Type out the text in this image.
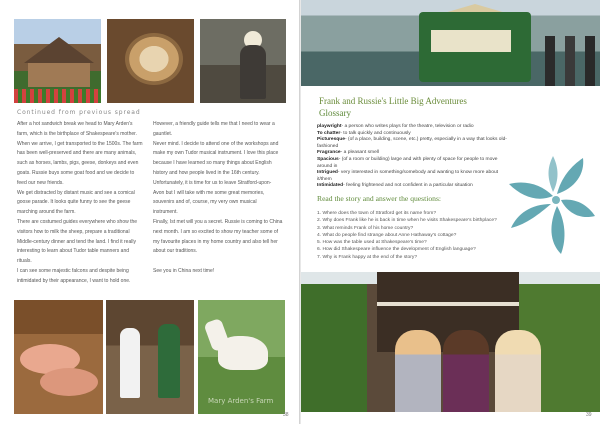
Continued from previous spread

After a hot sandwich break we head to Mary Arden's

farm, which is the birthplace of Shakespeare's mother.

When we arrive, I get transported to the 1500s. The farm

has been well-preserved and there are many animals,

such as horses, lambs, pigs, geese, donkeys and even

goats. Russie buys some goat food and we decide to

feed our new friends.

We get distracted by distant music and see a comical

goose parade. It looks quite funny to see the geese

marching around the farm.

There are costumed guides everywhere who show the

visitors how to milk the sheep, prepare a traditional

Middle-century dinner and tend the land. I find it really

interesting to learn about Tudor table manners and

rituals.

I can see some majestic falcons and despite being

intimidated by their appearance, I want to hold one.

However, a friendly guide tells me that I need to wear a

gauntlet.

Never mind. I decide to attend one of the workshops and

make my own Tudor musical instrument. I love this place

because I have learned so many things about English

history and how people lived in the 16th century.

Unfortunately, it is time for us to leave Stratford-upon-

Avon but I will take with me some great memories,

souvenirs and of, course, my very own musical

instrument.

Finally, Ist met will you a secret. Russie is coming to China

next month. I am so excited to show my teacher some of

my favourite places in my home country and also tell her

about our traditions.

See you in China next time!

Mary Arden's Farm
38
Frank and Russie's Little Big Adventures
Glossary
playwright- a person who writes plays for the theatre, television or radio
To chatter- to talk quickly and continuously
Picturesque- (of a place, building, scene, etc.) pretty, especially in a way that looks old-fashioned
Fragrance- a pleasant smell
Spacious- (of a room or building) large and with plenty of space for people to move around in
Intrigued- very interested in something/somebody and wanting to know more about it/them
Intimidated- feeling frightened and not confident in a particular situation
Read the story and answer the questions:
1. Where does the town of Stratford get its name from?
2. Why does Frank like he is back in time when he visits Shakespeare's birthplace?
3. What reminds Frank of his home country?
4. What do people find strange about Anne Hathaway's cottage?
5. How was the table used at Shakespeare's time?
6. How did Shakespeare influence the development of English language?
7. Why is Frank happy at the end of the story?
39
